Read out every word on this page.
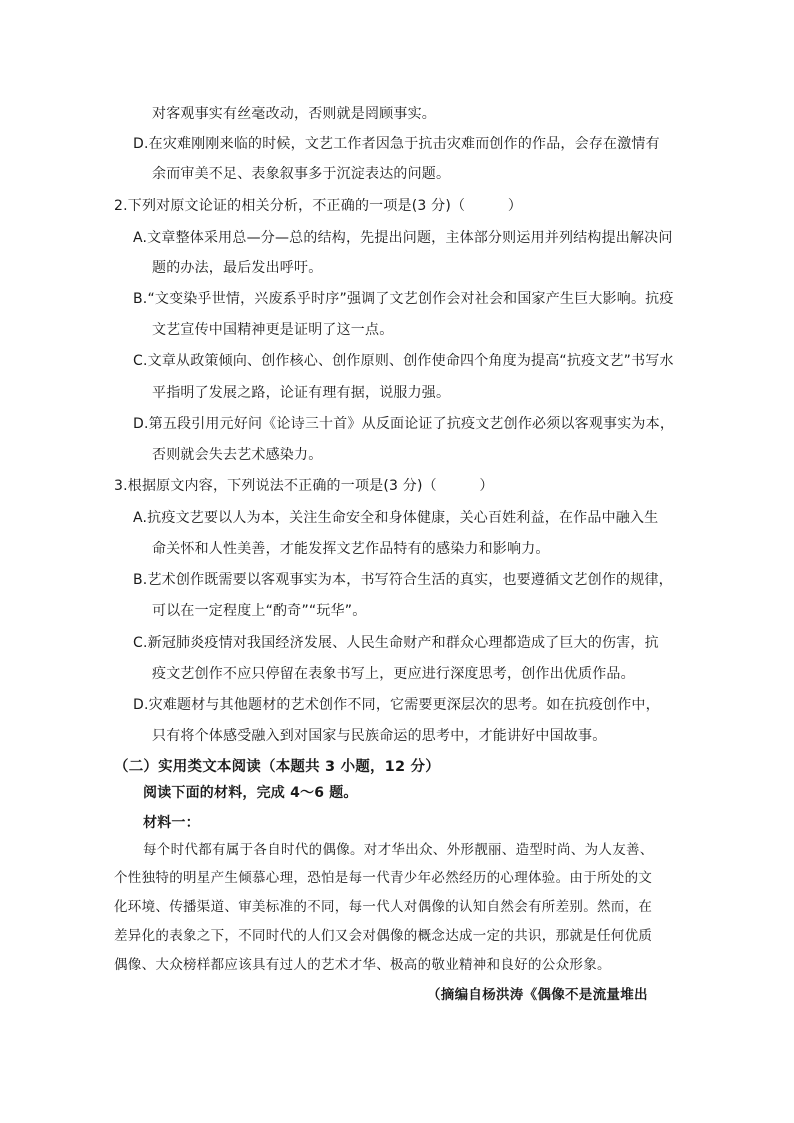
对客观事实有丝毫改动，否则就是罔顾事实。
D.在灾难刚刚来临的时候，文艺工作者因急于抗击灾难而创作的作品，会存在激情有
余而审美不足、表象叙事多于沉淀表达的问题。
2.下列对原文论证的相关分析，不正确的一项是(3 分)（　　　）
A.文章整体采用总—分—总的结构，先提出问题，主体部分则运用并列结构提出解决问
题的办法，最后发出呼吁。
B.“文变染乎世情，兴废系乎时序”强调了文艺创作会对社会和国家产生巨大影响。抗疫
文艺宣传中国精神更是证明了这一点。
C.文章从政策倾向、创作核心、创作原则、创作使命四个角度为提高“抗疫文艺”书写水
平指明了发展之路，论证有理有据，说服力强。
D.第五段引用元好问《论诗三十首》从反面论证了抗疫文艺创作必须以客观事实为本，
否则就会失去艺术感染力。
3.根据原文内容，下列说法不正确的一项是(3 分)（　　　）
A.抗疫文艺要以人为本，关注生命安全和身体健康，关心百姓利益，在作品中融入生
命关怀和人性美善，才能发挥文艺作品特有的感染力和影响力。
B.艺术创作既需要以客观事实为本，书写符合生活的真实，也要遵循文艺创作的规律，
可以在一定程度上“酌奇”“玩华”。
C.新冠肺炎疫情对我国经济发展、人民生命财产和群众心理都造成了巨大的伤害，抗
疫文艺创作不应只停留在表象书写上，更应进行深度思考，创作出优质作品。
D.灾难题材与其他题材的艺术创作不同，它需要更深层次的思考。如在抗疫创作中，
只有将个体感受融入到对国家与民族命运的思考中，才能讲好中国故事。
（二）实用类文本阅读（本题共 3 小题，12 分）
阅读下面的材料，完成 4～6 题。
材料一：
每个时代都有属于各自时代的偶像。对才华出众、外形靓丽、造型时尚、为人友善、
个性独特的明星产生倾慕心理，恐怕是每一代青少年必然经历的心理体验。由于所处的文
化环境、传播渠道、审美标准的不同，每一代人对偶像的认知自然会有所差别。然而，在
差异化的表象之下，不同时代的人们又会对偶像的概念达成一定的共识，那就是任何优质
偶像、大众榜样都应该具有过人的艺术才华、极高的敬业精神和良好的公众形象。
（摘编自杨洪涛《偶像不是流量堆出
